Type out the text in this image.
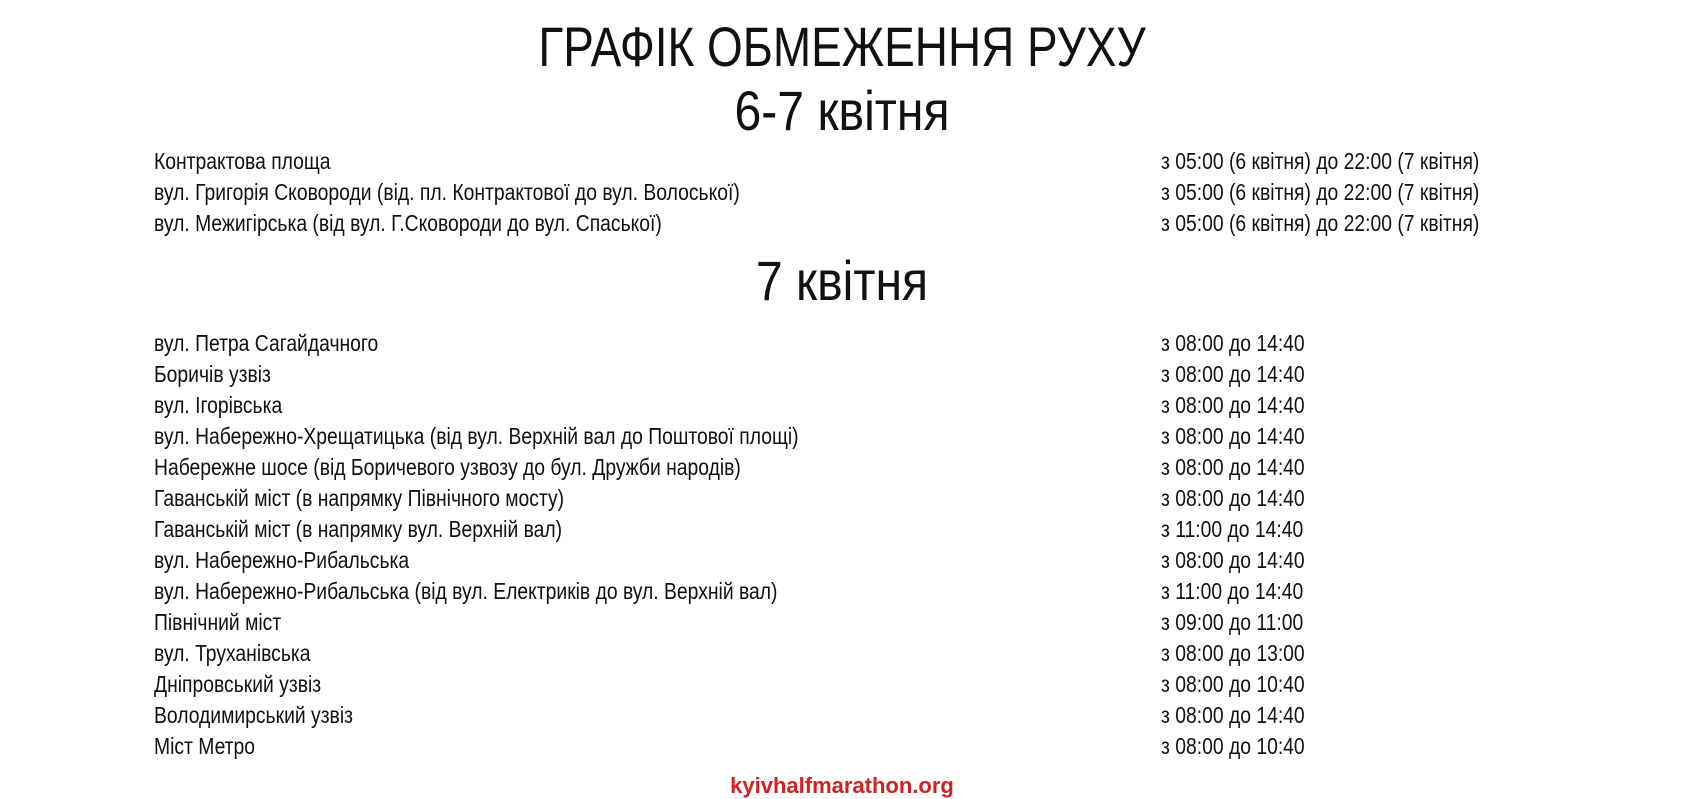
ГРАФІК ОБМЕЖЕННЯ РУХУ
6-7 квітня
Контрактова площа	з 05:00 (6 квітня) до 22:00 (7 квітня)
вул. Григорія Сковороди (від. пл. Контрактової до вул. Волоської)	з 05:00 (6 квітня) до 22:00 (7 квітня)
вул. Межигірська (від вул. Г.Сковороди до вул. Спаської)	з 05:00 (6 квітня) до 22:00 (7 квітня)
7 квітня
вул. Петра Сагайдачного	з 08:00 до 14:40
Боричів узвіз	з 08:00 до 14:40
вул. Ігорівська	з 08:00 до 14:40
вул. Набережно-Хрещатицька (від вул. Верхній вал до Поштової площі)	з 08:00 до 14:40
Набережне шосе (від Боричевого узвозу до бул. Дружби народів)	з 08:00 до 14:40
Гаванськiй міст (в напрямку Північного мосту)	з 08:00 до 14:40
Гаванськiй міст (в напрямку вул. Верхній вал)	з 11:00 до 14:40
вул. Набережно-Рибальська	з 08:00 до 14:40
вул. Набережно-Рибальська (від вул. Електриків до вул. Верхній вал)	з 11:00 до 14:40
Північний міст	з 09:00 до 11:00
вул. Труханівська	з 08:00 до 13:00
Дніпровський узвіз	з 08:00 до 10:40
Володимирський узвіз	з 08:00 до 14:40
Міст Метро	з 08:00 до 10:40
kyivhalfmarathon.org
